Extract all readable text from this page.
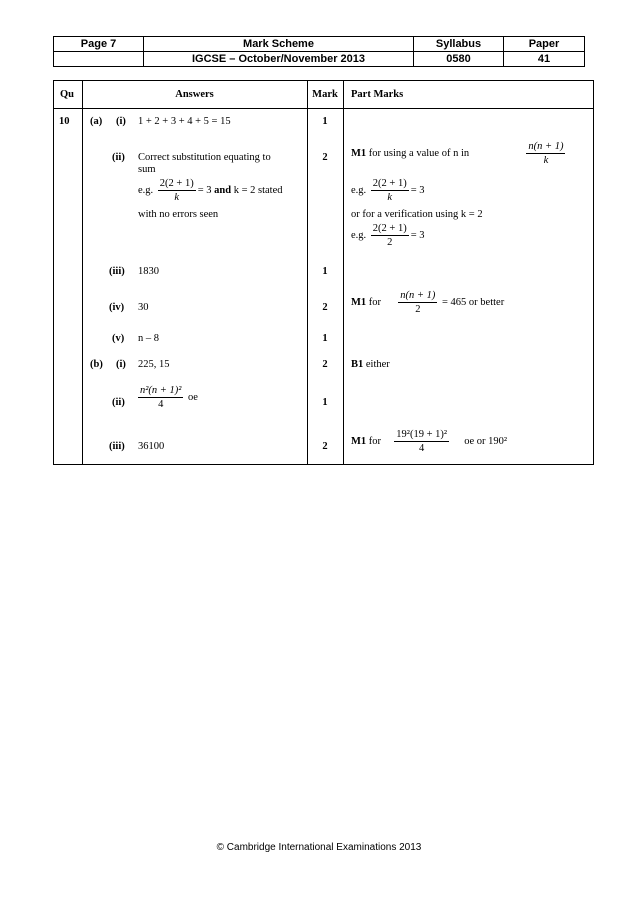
Page 7	Mark Scheme	Syllabus	Paper
	IGCSE – October/November 2013	0580	41
Qu	Answers	Mark	Part Marks
10 (a) (i) 1 + 2 + 3 + 4 + 5 = 15	1
(ii) Correct substitution equating to
sum
e.g. $\frac{2(2 + 1)}{k} = 3$ and k = 2 stated
with no errors seen
2	M1 for using a value of n in	$\frac{n(n + 1)}{k}$
e.g. $\frac{2(2 + 1)}{k} = 3$
or for a verification using k = 2
e.g. $\frac{2(2 + 1)}{2} = 3$
(iii) 1830	1
(iv) 30	2	M1 for $\frac{n(n + 1)}{2} = 465$ or better
(v) n – 8	1
(b) (i) 225, 15	2	B1 either
$(ii) \frac{\text{n²(n + 1)²}}{4}$ oe	1
(iii) 36100	2	M1 for $\frac{\text{19²(19 + 1)²}}{4}$ oe or 190²
© Cambridge International Examinations 2013
